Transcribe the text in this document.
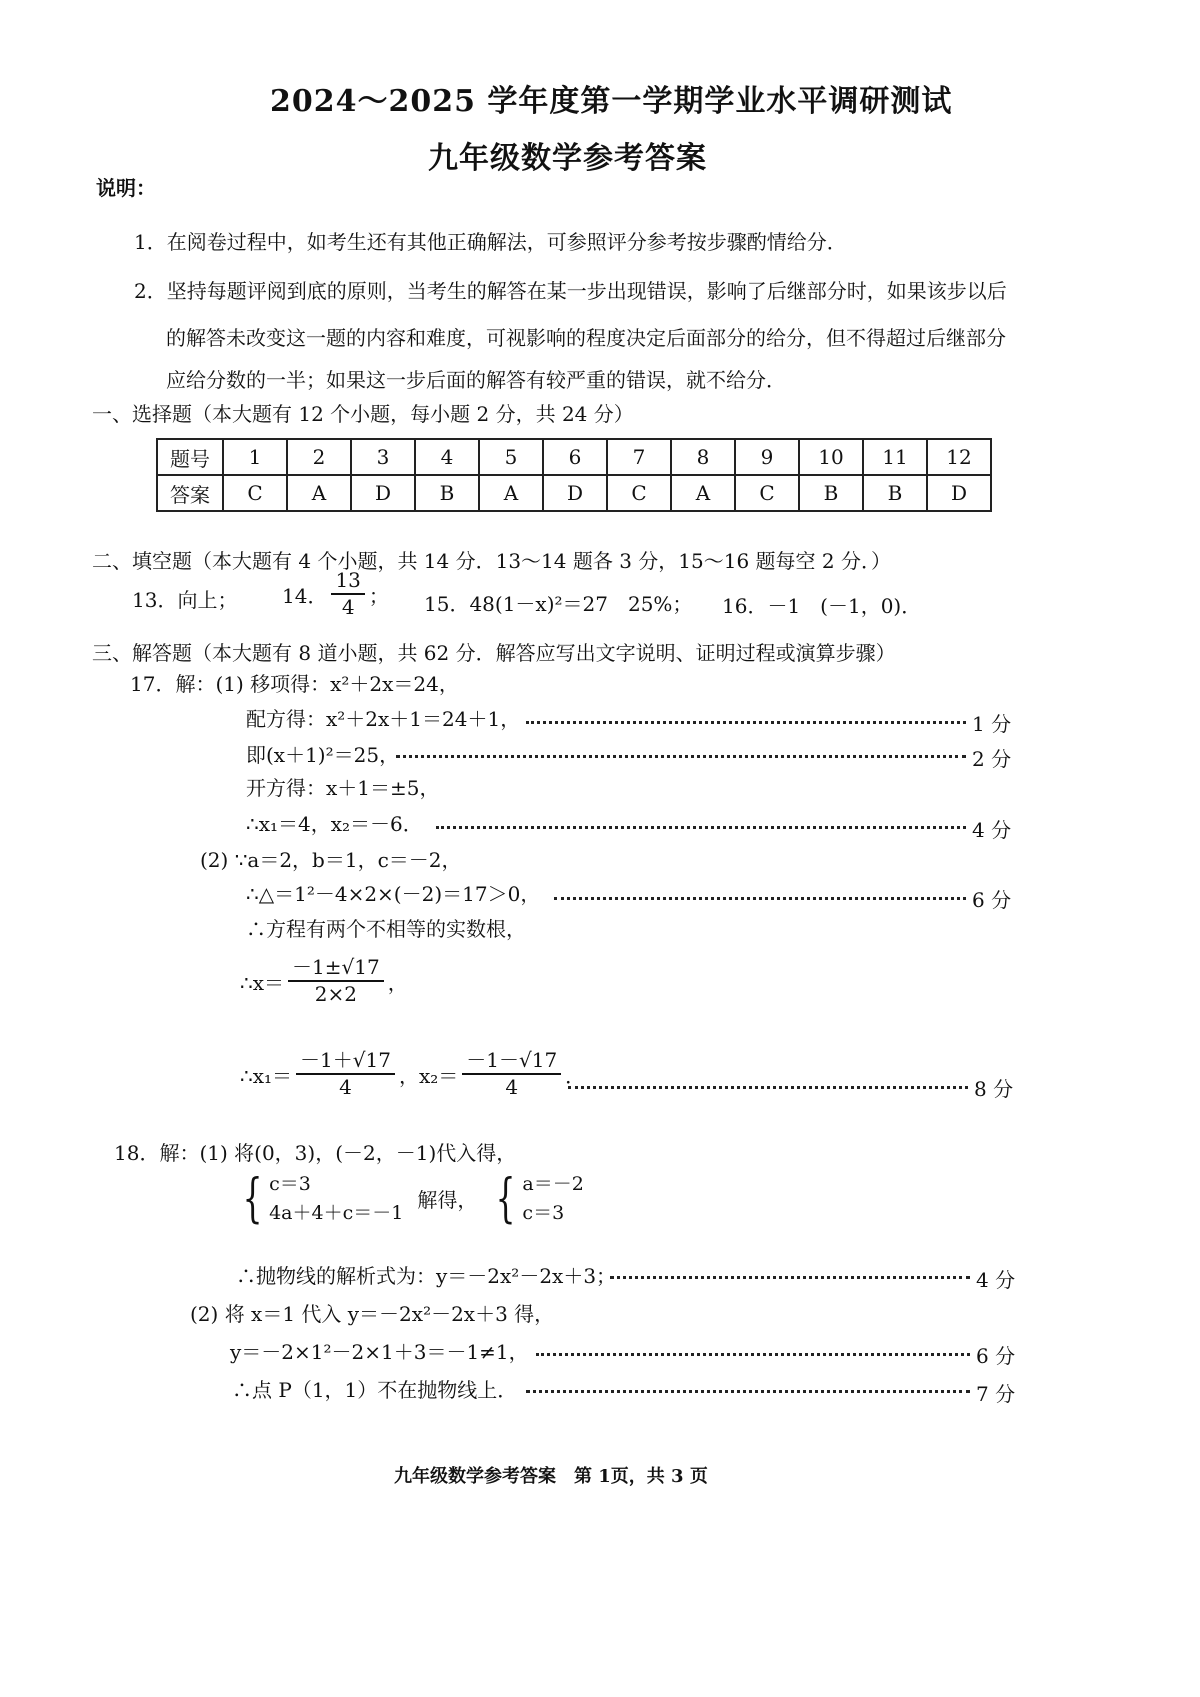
2024～2025 学年度第一学期学业水平调研测试
九年级数学参考答案
说明：
1．在阅卷过程中，如考生还有其他正确解法，可参照评分参考按步骤酌情给分．
2．坚持每题评阅到底的原则，当考生的解答在某一步出现错误，影响了后继部分时，如果该步以后
的解答未改变这一题的内容和难度，可视影响的程度决定后面部分的给分，但不得超过后继部分
应给分数的一半；如果这一步后面的解答有较严重的错误，就不给分．
一、选择题（本大题有 12 个小题，每小题 2 分，共 24 分）
题号	1	2	3	4	5	6	7	8	9	10	11	12
答案	C	A	D	B	A	D	C	A	C	B	B	D
二、填空题（本大题有 4 个小题，共 14 分．13～14 题各 3 分，15～16 题每空 2 分．）
13．向上； 14． $\frac{13}{4}$ ； 15．48(1－x)²＝27　25%； 16．－1　(－1，0)．
三、解答题（本大题有 8 道小题，共 62 分．解答应写出文字说明、证明过程或演算步骤）
17．解：(1) 移项得：x²＋2x＝24，
配方得：x²＋2x＋1＝24＋1，	1 分
即(x＋1)²＝25，	2 分
开方得：x＋1＝±5，
∴x₁＝4，x₂＝－6．	4 分
(2) ∵a＝2，b＝1，c＝－2，
∴△＝1²－4×2×(－2)＝17＞0，	6 分
∴方程有两个不相等的实数根，
∴x＝ $\frac{-1\pm√17}{2\times 2}$ ，
∴x₁＝ $\frac{-1+√17}{4}$ ，$x_2= \frac{-1-√17}{4}$ ．
8 分
18．解：(1) 将(0，3)，(－2，－1)代入得，
{ c＝3
4a＋4＋c＝－1
解得， { a＝－2
c＝3
∴抛物线的解析式为：y＝－2x²－2x＋3；	4 分
(2) 将 x＝1 代入 y＝－2x²－2x＋3 得，
y＝－2×1²－2×1＋3＝－1≠1，	6 分
∴点 P（1，1）不在抛物线上．	7 分
九年级数学参考答案　第 1页，共 3 页
